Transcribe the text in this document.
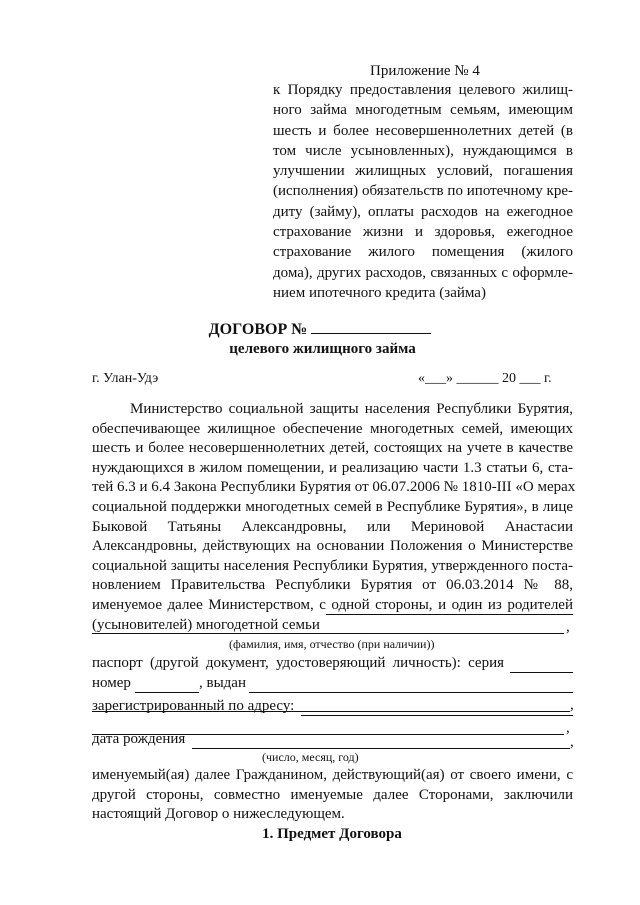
Приложение № 4
к Порядку предоставления целевого жилищ-
ного займа многодетным семьям, имеющим
шесть и более несовершеннолетних детей (в
том числе усыновленных), нуждающимся в
улучшении жилищных условий, погашения
(исполнения) обязательств по ипотечному кре-
диту (займу), оплаты расходов на ежегодное
страхование жизни и здоровья, ежегодное
страхование жилого помещения (жилого
дома), других расходов, связанных с оформле-
нием ипотечного кредита (займа)
ДОГОВОР №
целевого жилищного займа
г. Улан-Удэ	«___» ______ 20 ___ г.
Министерство социальной защиты населения Республики Бурятия,
обеспечивающее жилищное обеспечение многодетных семей, имеющих
шесть и более несовершеннолетних детей, состоящих на учете в качестве
нуждающихся в жилом помещении, и реализацию части 1.3 статьи 6, ста-
тей 6.3 и 6.4 Закона Республики Бурятия от 06.07.2006 № 1810-III «О мерах
социальной поддержки многодетных семей в Республике Бурятия», в лице
Быковой Татьяны Александровны, или Мериновой Анастасии
Александровны, действующих на основании Положения о Министерстве
социальной защиты населения Республики Бурятия, утвержденного поста-
новлением Правительства Республики Бурятия от 06.03.2014 № 88,
именуемое далее Министерством, с одной стороны, и один из родителей
(усыновителей) многодетной семьи	,
(фамилия, имя, отчество (при наличии))
паспорт (другой документ, удостоверяющий личность): серия
номер	, выдан
,
зарегистрированный по адресу:
,
дата рождения	,
(число, месяц, год)
именуемый(ая) далее Гражданином, действующий(ая) от своего имени, с
другой стороны, совместно именуемые далее Сторонами, заключили
настоящий Договор о нижеследующем.
1. Предмет Договора
